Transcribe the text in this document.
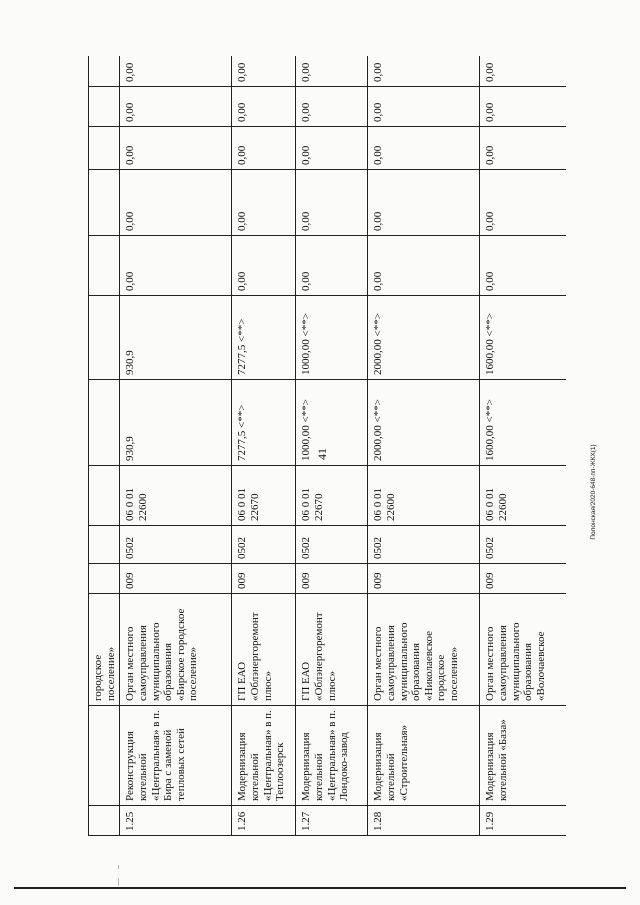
41	Полонская/2020-648-пп-ЖКХ(1)
		городское поселение»										
1.25	Реконструкция котельной «Центральная» в п. Бира с заменой тепловых сетей	Орган местного самоуправления муниципального образования «Бирское городское поселение»	009	0502	06 0 01 22600	930,9	930,9	0,00	0,00	0,00	0,00	0,00
1.26	Модернизация котельной «Центральная» в п. Теплоозерск	ГП ЕАО «Облэнергоремонт плюс»	009	0502	06 0 01 22670	7277,5 <**>	7277,5 <**>	0,00	0,00	0,00	0,00	0,00
1.27	Модернизация котельной «Центральная» в п. Лондоко-завод	ГП ЕАО «Облэнергоремонт плюс»	009	0502	06 0 01 22670	1000,00 <**>	1000,00 <**>	0,00	0,00	0,00	0,00	0,00
1.28	Модернизация котельной «Строительная»	Орган местного самоуправления муниципального образования «Николаевское городское поселение»	009	0502	06 0 01 22600	2000,00 <**>	2000,00 <**>	0,00	0,00	0,00	0,00	0,00
1.29	Модернизация котельной «База»	Орган местного самоуправления муниципального образования «Волочаевское	009	0502	06 0 01 22600	1600,00 <**>	1600,00 <**>	0,00	0,00	0,00	0,00	0,00
